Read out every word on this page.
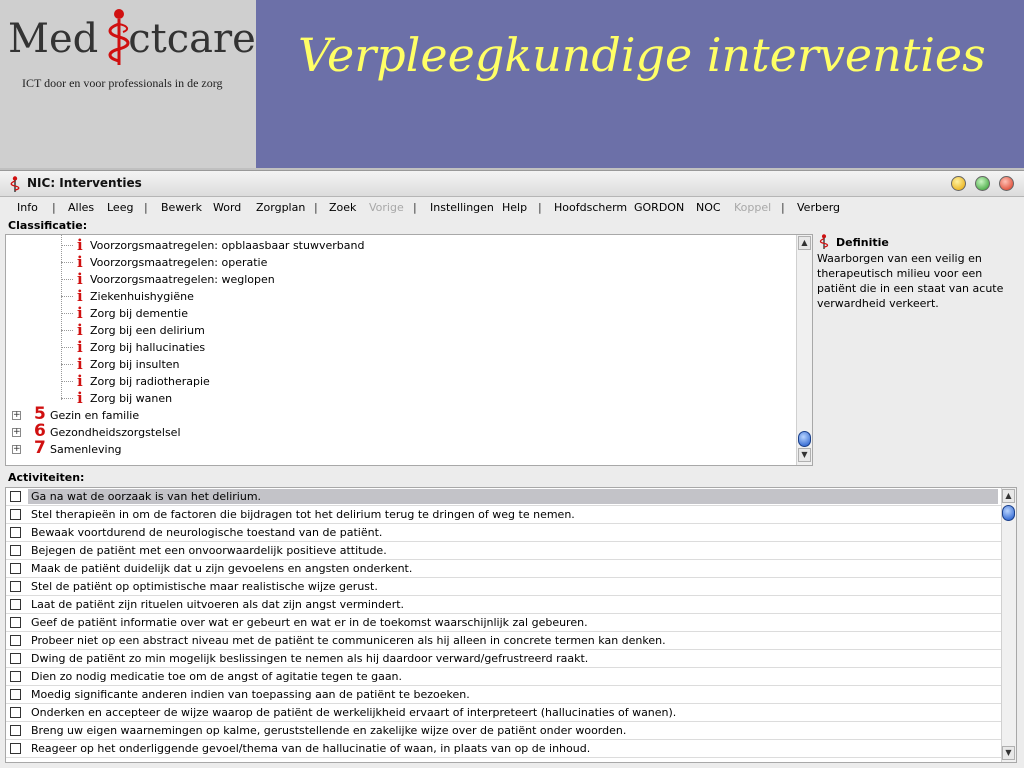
Med ctcare
ICT door en voor professionals in de zorg
Verpleegkundige interventies
NIC: Interventies
Info | Alles Leeg | Bewerk Word Zorgplan | Zoek Vorige | Instellingen Help | Hoofdscherm GORDON NOC Koppel | Verberg
Classificatie:
i Voorzorgsmaatregelen: opblaasbaar stuwverband
i Voorzorgsmaatregelen: operatie
i Voorzorgsmaatregelen: weglopen
i Ziekenhuishygiëne
i Zorg bij dementie
i Zorg bij een delirium
i Zorg bij hallucinaties
i Zorg bij insulten
i Zorg bij radiotherapie
i Zorg bij wanen
+ 5 Gezin en familie
+ 6 Gezondheidszorgstelsel
+ 7 Samenleving
▲
▼
Definitie
Waarborgen van een veilig en therapeutisch milieu voor een patiënt die in een staat van acute verwardheid verkeert.
Activiteiten:
Ga na wat de oorzaak is van het delirium.
Stel therapieën in om de factoren die bijdragen tot het delirium terug te dringen of weg te nemen.
Bewaak voortdurend de neurologische toestand van de patiënt.
Bejegen de patiënt met een onvoorwaardelijk positieve attitude.
Maak de patiënt duidelijk dat u zijn gevoelens en angsten onderkent.
Stel de patiënt op optimistische maar realistische wijze gerust.
Laat de patiënt zijn rituelen uitvoeren als dat zijn angst vermindert.
Geef de patiënt informatie over wat er gebeurt en wat er in de toekomst waarschijnlijk zal gebeuren.
Probeer niet op een abstract niveau met de patiënt te communiceren als hij alleen in concrete termen kan denken.
Dwing de patiënt zo min mogelijk beslissingen te nemen als hij daardoor verward/gefrustreerd raakt.
Dien zo nodig medicatie toe om de angst of agitatie tegen te gaan.
Moedig significante anderen indien van toepassing aan de patiënt te bezoeken.
Onderken en accepteer de wijze waarop de patiënt de werkelijkheid ervaart of interpreteert (hallucinaties of wanen).
Breng uw eigen waarnemingen op kalme, geruststellende en zakelijke wijze over de patiënt onder woorden.
Reageer op het onderliggende gevoel/thema van de hallucinatie of waan, in plaats van op de inhoud.
▲
▼
